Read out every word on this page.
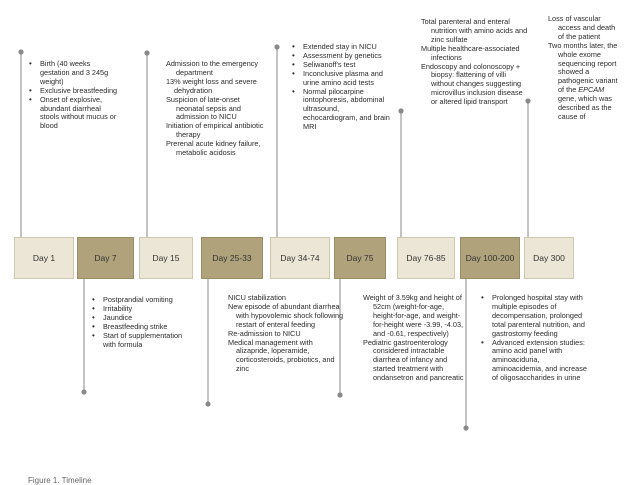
Day 1	Day 7	Day 15	Day 25-33	Day 34-74	Day 75	Day 76-85 Day 100-200 Day 300
• Birth (40 weeks gestation and 3 245g weight)
• Exclusive breastfeeding
• Onset of explosive, abundant diarrheal stools without mucus or blood
Admission to the emergency department
13% weight loss and severe dehydration
Suspicion of late-onset neonatal sepsis and admission to NICU
Initiation of empirical antibiotic therapy
Prerenal acute kidney failure, metabolic acidosis
• Extended stay in NICU
• Assessment by genetics
• Seliwanoff's test
• Inconclusive plasma and urine amino acid tests
• Normal pilocarpine iontophoresis, abdominal ultrasound, echocardiogram, and brain MRI
Total parenteral and enteral nutrition with amino acids and zinc sulfate
Multiple healthcare-associated infections
Endoscopy and colonoscopy + biopsy: flattening of villi without changes suggesting microvillus inclusion disease or altered lipid transport
Loss of vascular access and death of the patient
Two months later, the whole exome sequencing report showed a pathogenic variant of the EPCAM gene, which was described as the cause of
• Postprandial vomiting
• Irritability
• Jaundice
• Breastfeeding strike
• Start of supplementation with formula
NICU stabilization
New episode of abundant diarrhea with hypovolemic shock following restart of enteral feeding
Re-admission to NICU
Medical management with alizapride, loperamide, corticosteroids, probiotics, and zinc
Weight of 3.59kg and height of 52cm (weight-for-age, height-for-age, and weight-for-height were -3.99, -4.03, and -0.61, respectively)
Pediatric gastroenterology considered intractable diarrhea of infancy and started treatment with ondansetron and pancreatic
• Prolonged hospital stay with multiple episodes of decompensation, prolonged total parenteral nutrition, and gastrostomy feeding
• Advanced extension studies: amino acid panel with aminoaciduria, aminoacidemia, and increase of oligosaccharides in urine
Figure 1. Timeline
